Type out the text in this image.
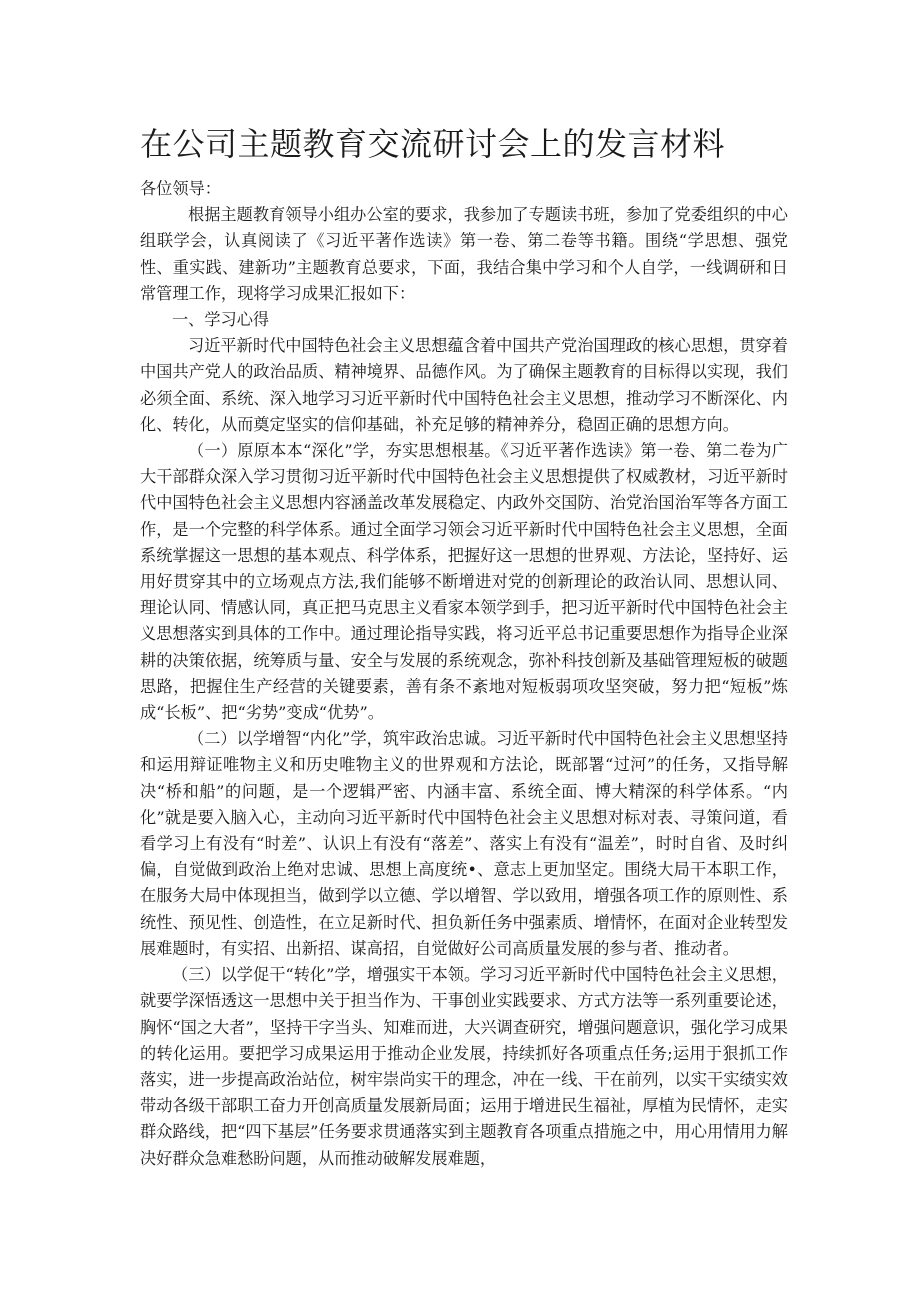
在公司主题教育交流研讨会上的发言材料

各位领导：

根据主题教育领导小组办公室的要求，我参加了专题读书班，参加了党委组织的中心组联学会，认真阅读了《习近平著作选读》第一卷、第二卷等书籍。围绕“学思想、强党性、重实践、建新功”主题教育总要求，下面，我结合集中学习和个人自学，一线调研和日常管理工作，现将学习成果汇报如下：

一、学习心得

习近平新时代中国特色社会主义思想蕴含着中国共产党治国理政的核心思想，贯穿着中国共产党人的政治品质、精神境界、品德作风。为了确保主题教育的目标得以实现，我们必须全面、系统、深入地学习习近平新时代中国特色社会主义思想，推动学习不断深化、内化、转化，从而奠定坚实的信仰基础，补充足够的精神养分，稳固正确的思想方向。

（一）原原本本“深化”学，夯实思想根基。《习近平著作选读》第一卷、第二卷为广大干部群众深入学习贯彻习近平新时代中国特色社会主义思想提供了权威教材，习近平新时代中国特色社会主义思想内容涵盖改革发展稳定、内政外交国防、治党治国治军等各方面工作，是一个完整的科学体系。通过全面学习领会习近平新时代中国特色社会主义思想，全面系统掌握这一思想的基本观点、科学体系，把握好这一思想的世界观、方法论，坚持好、运用好贯穿其中的立场观点方法,我们能够不断增进对党的创新理论的政治认同、思想认同、理论认同、情感认同，真正把马克思主义看家本领学到手，把习近平新时代中国特色社会主义思想落实到具体的工作中。通过理论指导实践，将习近平总书记重要思想作为指导企业深耕的决策依据，统筹质与量、安全与发展的系统观念，弥补科技创新及基础管理短板的破题思路，把握住生产经营的关键要素，善有条不紊地对短板弱项攻坚突破，努力把“短板”炼成“长板”、把“劣势”变成“优势”。

（二）以学增智“内化”学，筑牢政治忠诚。习近平新时代中国特色社会主义思想坚持和运用辩证唯物主义和历史唯物主义的世界观和方法论，既部署“过河”的任务，又指导解决“桥和船”的问题，是一个逻辑严密、内涵丰富、系统全面、博大精深的科学体系。“内化”就是要入脑入心，主动向习近平新时代中国特色社会主义思想对标对表、寻策问道，看看学习上有没有“时差”、认识上有没有“落差”、落实上有没有“温差”，时时自省、及时纠偏，自觉做到政治上绝对忠诚、思想上高度统•、意志上更加坚定。围绕大局干本职工作，在服务大局中体现担当，做到学以立德、学以增智、学以致用，增强各项工作的原则性、系统性、预见性、创造性，在立足新时代、担负新任务中强素质、增情怀，在面对企业转型发展难题时，有实招、出新招、谋高招，自觉做好公司高质量发展的参与者、推动者。

（三）以学促干“转化”学，增强实干本领。学习习近平新时代中国特色社会主义思想，就要学深悟透这一思想中关于担当作为、干事创业实践要求、方式方法等一系列重要论述，胸怀“国之大者”，坚持干字当头、知难而进，大兴调查研究，增强问题意识，强化学习成果的转化运用。要把学习成果运用于推动企业发展，持续抓好各项重点任务;运用于狠抓工作落实，进一步提高政治站位，树牢崇尚实干的理念，冲在一线、干在前列，以实干实绩实效带动各级干部职工奋力开创高质量发展新局面；运用于增进民生福祉，厚植为民情怀，走实群众路线，把“四下基层”任务要求贯通落实到主题教育各项重点措施之中，用心用情用力解决好群众急难愁盼问题，从而推动破解发展难题，
